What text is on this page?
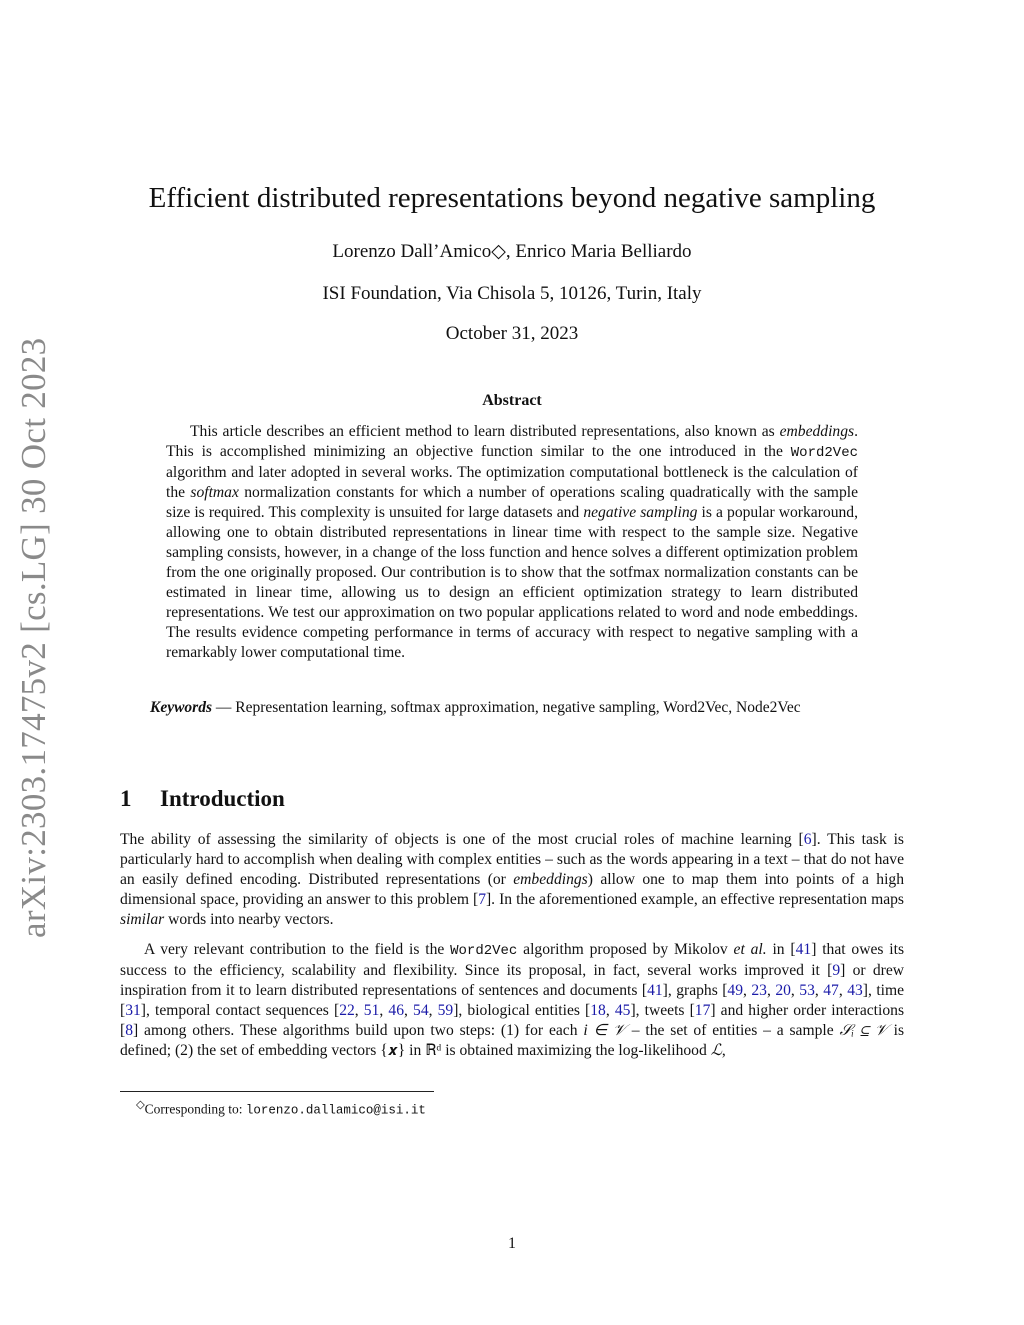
arXiv:2303.17475v2 [cs.LG] 30 Oct 2023
Efficient distributed representations beyond negative sampling
Lorenzo Dall’Amico◇, Enrico Maria Belliardo
ISI Foundation, Via Chisola 5, 10126, Turin, Italy
October 31, 2023
Abstract

This article describes an efficient method to learn distributed representations, also known as embeddings. This is accomplished minimizing an objective function similar to the one introduced in the Word2Vec algorithm and later adopted in several works. The optimization computational bottleneck is the calculation of the softmax normalization constants for which a number of operations scaling quadratically with the sample size is required. This complexity is unsuited for large datasets and negative sampling is a popular workaround, allowing one to obtain distributed representations in linear time with respect to the sample size. Negative sampling consists, however, in a change of the loss function and hence solves a different optimization problem from the one originally proposed. Our contribution is to show that the sotfmax normalization constants can be estimated in linear time, allowing us to design an efficient optimization strategy to learn distributed representations. We test our approximation on two popular applications related to word and node embeddings. The results evidence competing performance in terms of accuracy with respect to negative sampling with a remarkably lower computational time.

Keywords — Representation learning, softmax approximation, negative sampling, Word2Vec, Node2Vec
1 Introduction

The ability of assessing the similarity of objects is one of the most crucial roles of machine learning [6]. This task is particularly hard to accomplish when dealing with complex entities – such as the words appearing in a text – that do not have an easily defined encoding. Distributed representations (or embeddings) allow one to map them into points of a high dimensional space, providing an answer to this problem [7]. In the aforementioned example, an effective representation maps similar words into nearby vectors.

A very relevant contribution to the field is the Word2Vec algorithm proposed by Mikolov et al. in [41] that owes its success to the efficiency, scalability and flexibility. Since its proposal, in fact, several works improved it [9] or drew inspiration from it to learn distributed representations of sentences and documents [41], graphs [49, 23, 20, 53, 47, 43], time [31], temporal contact sequences [22, 51, 46, 54, 59], biological entities [18, 45], tweets [17] and higher order interactions [8] among others. These algorithms build upon two steps: (1) for each i ∈ 𝒱 – the set of entities – a sample 𝒮ᵢ ⊆ 𝒱 is defined; (2) the set of embedding vectors {𝒙} in ℝᵈ is obtained maximizing the log-likelihood ℒ,

◇Corresponding to: lorenzo.dallamico@isi.it
1
